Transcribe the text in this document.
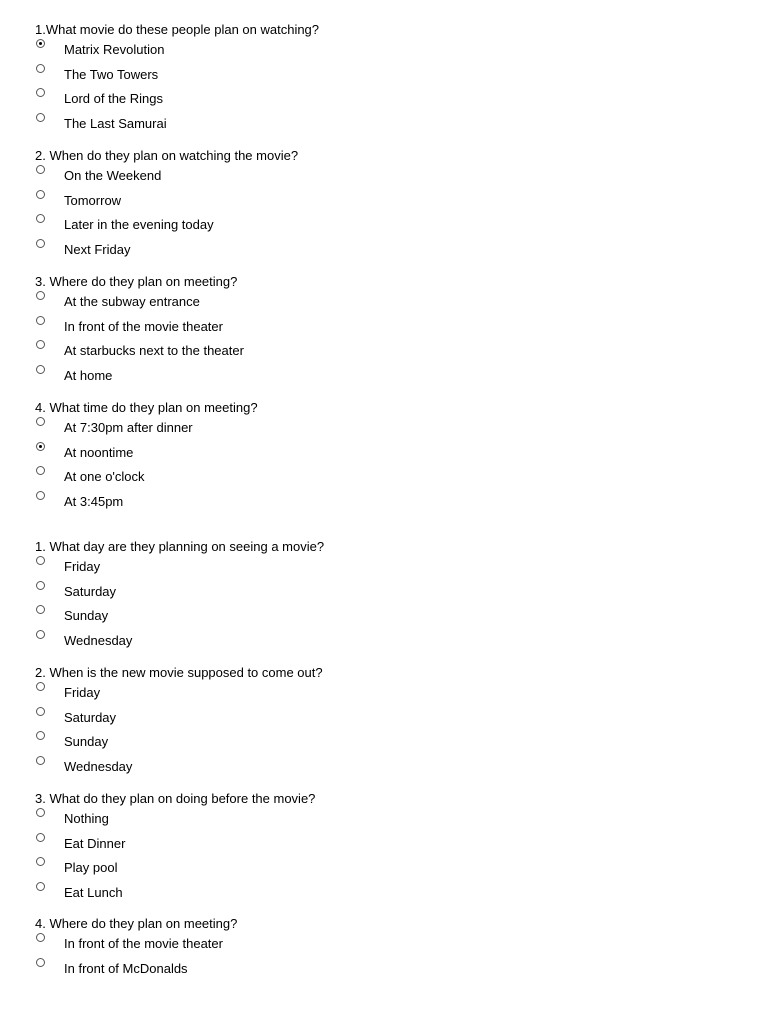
1.What movie do these people plan on watching?
Matrix Revolution
The Two Towers
Lord of the Rings
The Last Samurai
2. When do they plan on watching the movie?
On the Weekend
Tomorrow
Later in the evening today
Next Friday
3. Where do they plan on meeting?
At the subway entrance
In front of the movie theater
At starbucks next to the theater
At home
4. What time do they plan on meeting?
At 7:30pm after dinner
At noontime
At one o'clock
At 3:45pm
1. What day are they planning on seeing a movie?
Friday
Saturday
Sunday
Wednesday
2. When is the new movie supposed to come out?
Friday
Saturday
Sunday
Wednesday
3. What do they plan on doing before the movie?
Nothing
Eat Dinner
Play pool
Eat Lunch
4. Where do they plan on meeting?
In front of the movie theater
In front of McDonalds
